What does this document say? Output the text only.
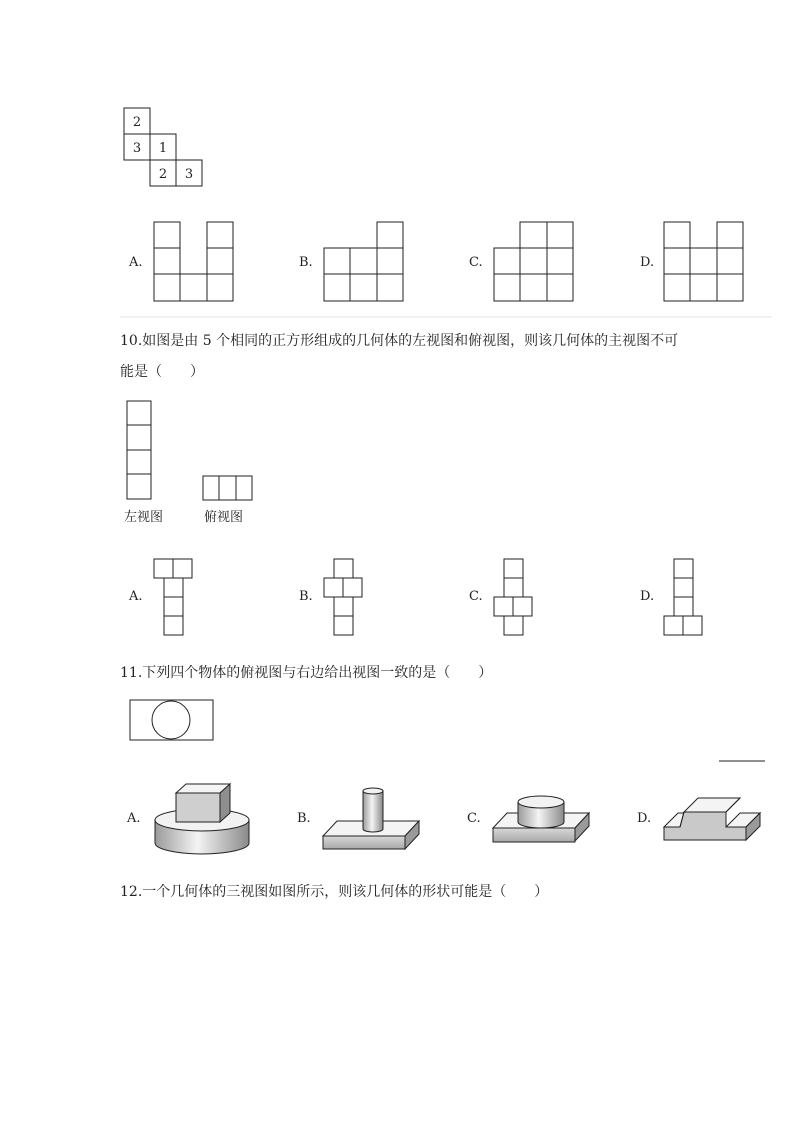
2
3 1
2 3
A.	B.	C.	D.
左视图	俯视图
A.	B.	C.	D.
A.	B.	C.	D.
10.如图是由 5 个相同的正方形组成的几何体的左视图和俯视图，则该几何体的主视图不可
能是（　　）
11.下列四个物体的俯视图与右边给出视图一致的是（　　）
12.一个几何体的三视图如图所示，则该几何体的形状可能是（　　）
